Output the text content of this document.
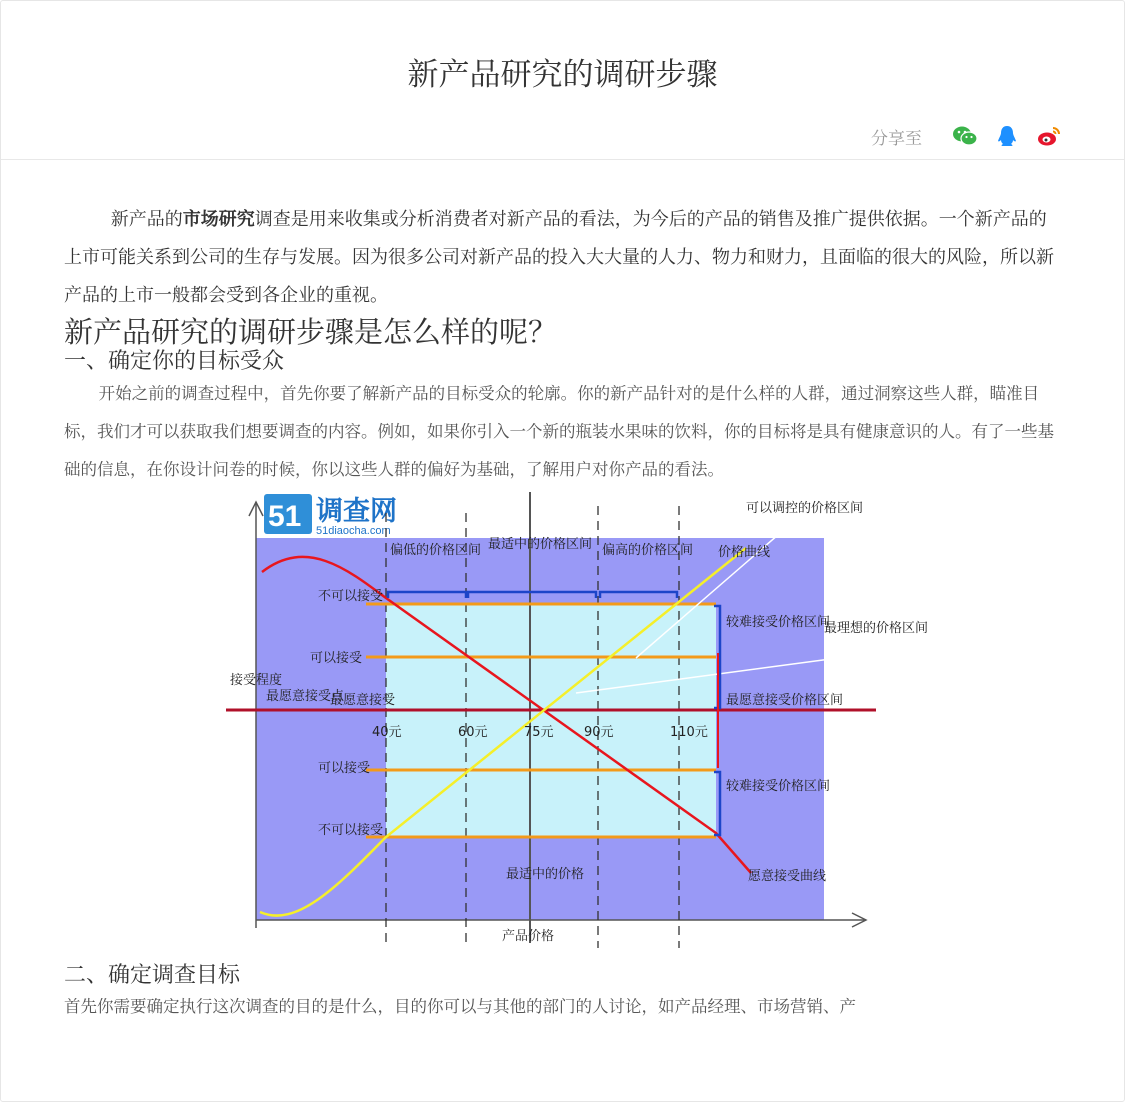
新产品研究的调研步骤
分享至

新产品的市场研究调查是用来收集或分析消费者对新产品的看法，为今后的产品的销售及推广提供依据。一个新产品的上市可能关系到公司的生存与发展。因为很多公司对新产品的投入大大量的人力、物力和财力，且面临的很大的风险，所以新产品的上市一般都会受到各企业的重视。

新产品研究的调研步骤是怎么样的呢？
一、确定你的目标受众

开始之前的调查过程中，首先你要了解新产品的目标受众的轮廓。你的新产品针对的是什么样的人群，通过洞察这些人群，瞄准目标，我们才可以获取我们想要调查的内容。例如，如果你引入一个新的瓶装水果味的饮料，你的目标将是具有健康意识的人。有了一些基础的信息，在你设计问卷的时候，你以这些人群的偏好为基础，了解用户对你产品的看法。

51 调查网
51diaocha.com
偏低的价格区间 最适中的价格区间 偏高的价格区间
不可以接受
可以接受
最愿意接受
最愿意接受点
可以接受
不可以接受
较难接受价格区间
最愿意接受价格区间
较难接受价格区间
价格曲线
可以调控的价格区间
最理想的价格区间
愿意接受曲线
最适中的价格
产品价格
接受程度
40元	60元	75元 90元	110元
二、确定调查目标
首先你需要确定执行这次调查的目的是什么，目的你可以与其他的部门的人讨论，如产品经理、市场营销、产
